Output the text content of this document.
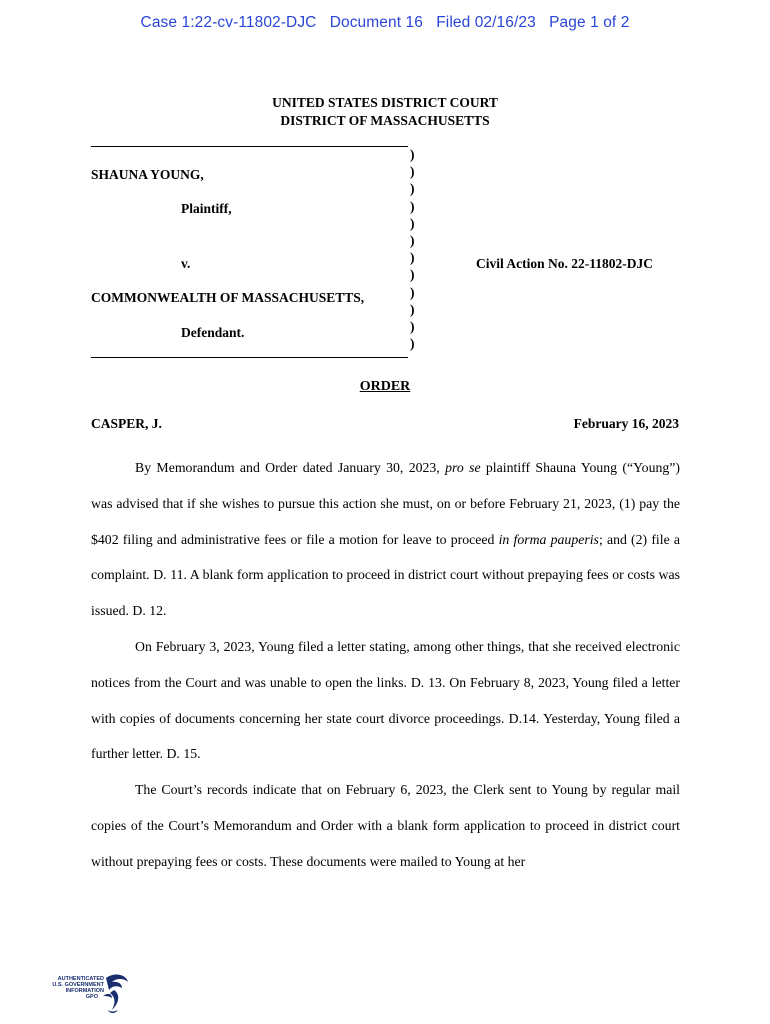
Case 1:22-cv-11802-DJC   Document 16   Filed 02/16/23   Page 1 of 2
UNITED STATES DISTRICT COURT
DISTRICT OF MASSACHUSETTS
SHAUNA YOUNG,
Plaintiff,
v.
COMMONWEALTH OF MASSACHUSETTS,
Defendant.
)
)
)
)
)
)
)
)
)
)
)
)
Civil Action No. 22-11802-DJC
ORDER
CASPER, J.	February 16, 2023

By Memorandum and Order dated January 30, 2023, pro se plaintiff Shauna Young (“Young”) was advised that if she wishes to pursue this action she must, on or before February 21, 2023, (1) pay the $402 filing and administrative fees or file a motion for leave to proceed in forma pauperis; and (2) file a complaint. D. 11. A blank form application to proceed in district court without prepaying fees or costs was issued. D. 12.

On February 3, 2023, Young filed a letter stating, among other things, that she received electronic notices from the Court and was unable to open the links. D. 13. On February 8, 2023, Young filed a letter with copies of documents concerning her state court divorce proceedings. D.14. Yesterday, Young filed a further letter. D. 15.

The Court’s records indicate that on February 6, 2023, the Clerk sent to Young by regular mail copies of the Court’s Memorandum and Order with a blank form application to proceed in district court without prepaying fees or costs. These documents were mailed to Young at her

AUTHENTICATED
U.S. GOVERNMENT
INFORMATION
GPO
